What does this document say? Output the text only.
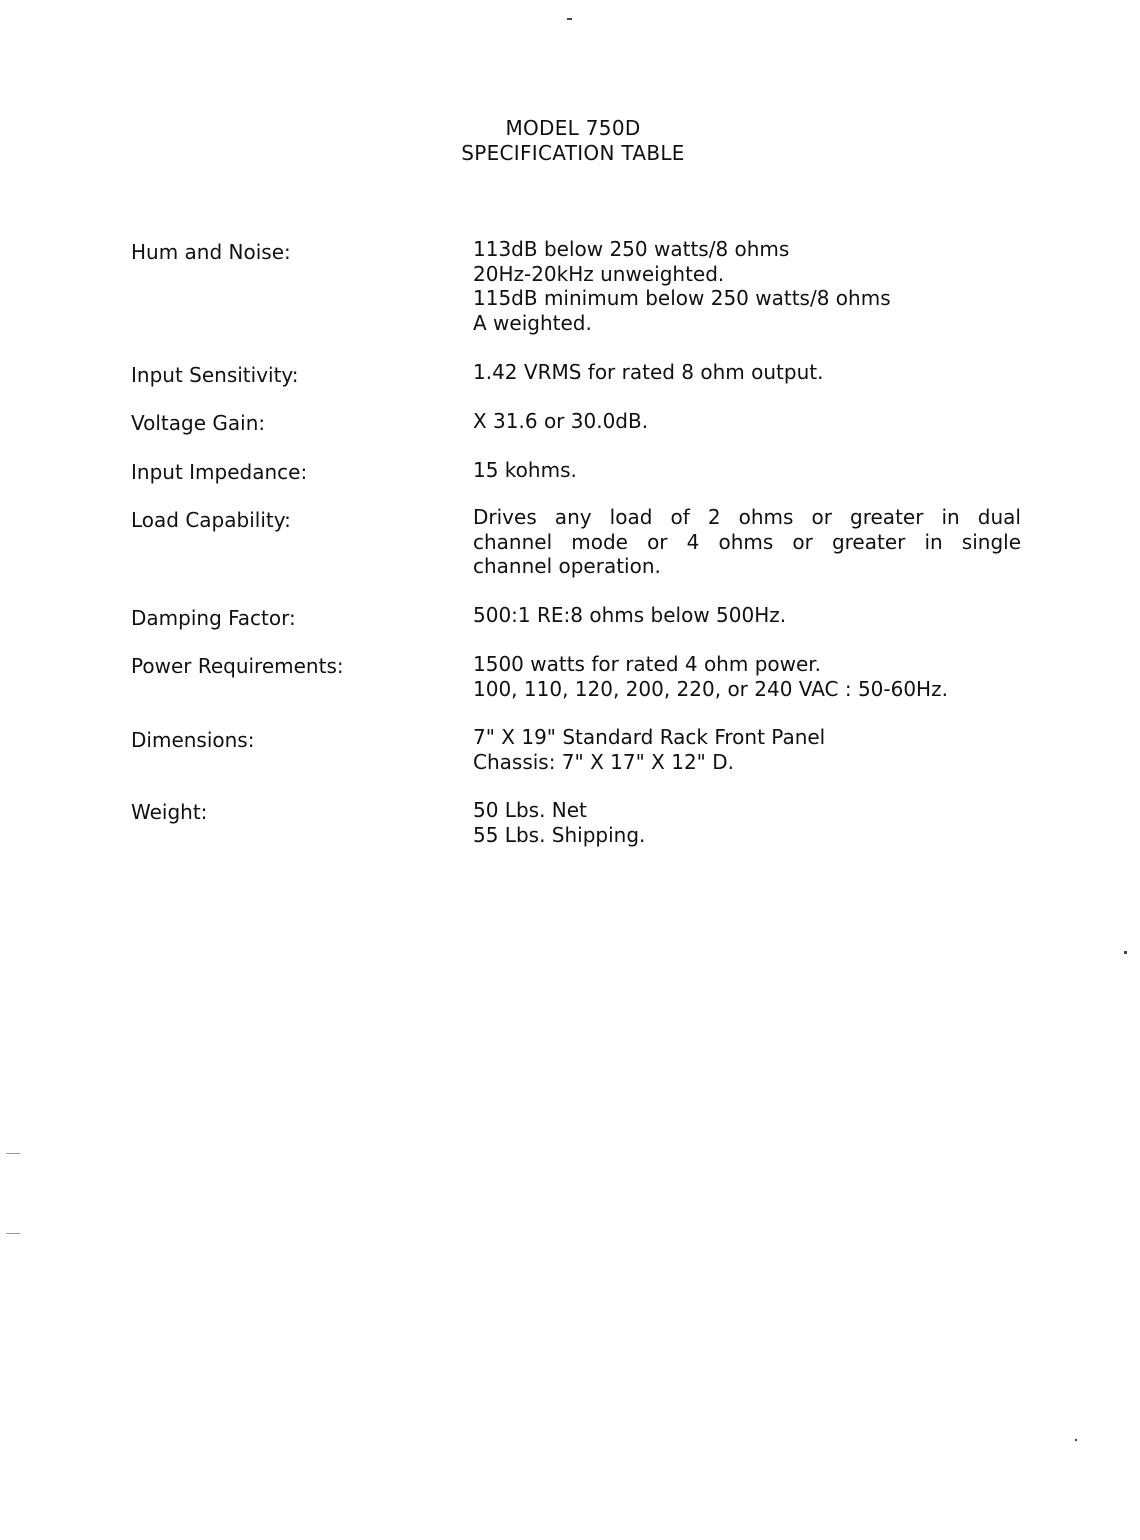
MODEL 750D
SPECIFICATION TABLE
Hum and Noise:	113dB below 250 watts/8 ohms
20Hz-20kHz unweighted.
115dB minimum below 250 watts/8 ohms
A weighted.
Input Sensitivity:	1.42 VRMS for rated 8 ohm output.
Voltage Gain:	X 31.6 or 30.0dB.
Input Impedance:	15 kohms.
Load Capability:	Drives any load of 2 ohms or greater in dual
channel mode or 4 ohms or greater in single
channel operation.
Damping Factor:	500:1 RE:8 ohms below 500Hz.
Power Requirements:	1500 watts for rated 4 ohm power.
100, 110, 120, 200, 220, or 240 VAC : 50-60Hz.
Dimensions:	7" X 19" Standard Rack Front Panel
Chassis: 7" X 17" X 12" D.
Weight:	50 Lbs. Net
55 Lbs. Shipping.
